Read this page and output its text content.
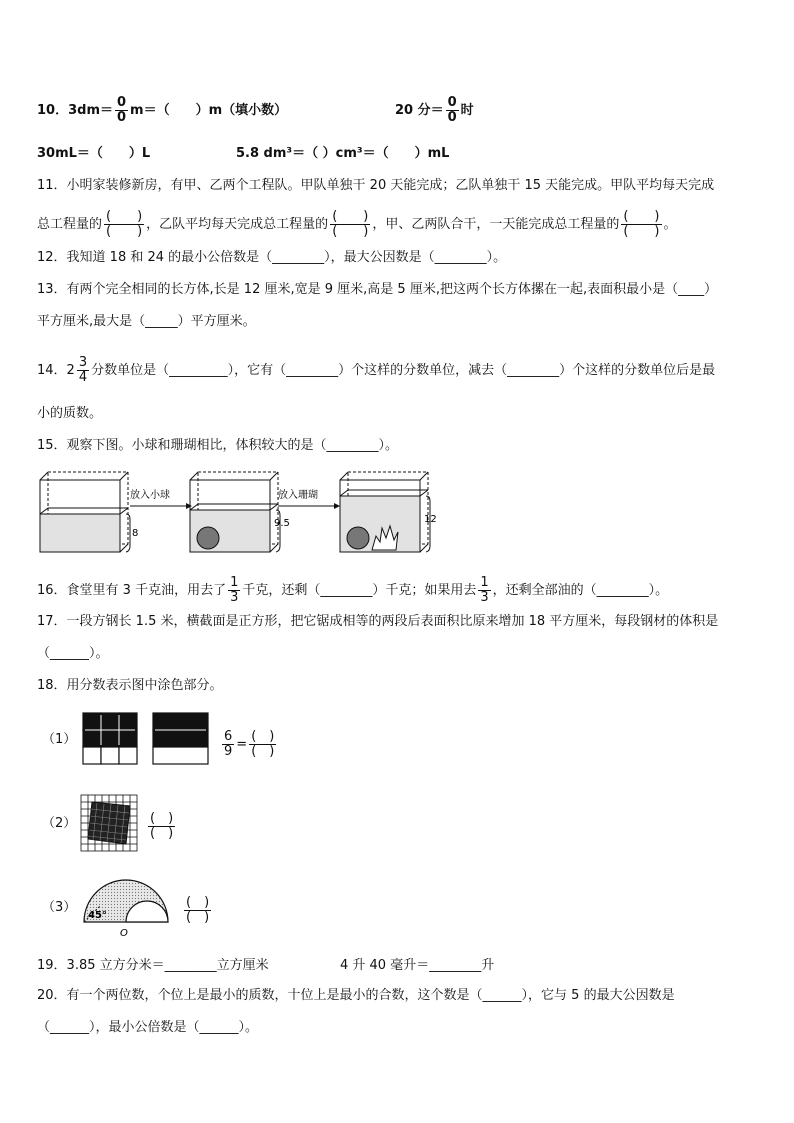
10．$3dm= \frac{0}{0} m=$（　　）m（填小数）	20 分＝ $\frac{0}{0}$ 时
30mL＝（　　）L	5.8 dm³＝（ ）cm³＝（　　）mL
11．小明家装修新房，有甲、乙两个工程队。甲队单独干 20 天能完成；乙队单独干 15 天能完成。甲队平均每天完成
总工程量的 $\frac{( )}{( )}$ ，乙队平均每天完成总工程量的 $\frac{( )}{( )}$ ，甲、乙两队合干，一天能完成总工程量的 $\frac{( )}{( )}$ 。
12．我知道 18 和 24 的最小公倍数是（________），最大公因数是（________）。
13．有两个完全相同的长方体,长是 12 厘米,宽是 9 厘米,高是 5 厘米,把这两个长方体摞在一起,表面积最小是（____）
平方厘米,最大是（_____）平方厘米。
14．$2 \frac{3}{4}$ 分数单位是（_________），它有（________）个这样的分数单位，减去（________）个这样的分数单位后是最
小的质数。
15．观察下图。小球和珊瑚相比，体积较大的是（________）。
8
放入小球
9.5
放入珊瑚
12
16．食堂里有 3 千克油，用去了 $\frac{1}{3}$ 千克，还剩（________）千克；如果用去 $\frac{1}{3}$ ，还剩全部油的（________）。
17．一段方钢长 1.5 米，横截面是正方形，把它锯成相等的两段后表面积比原来增加 18 平方厘米，每段钢材的体积是
（______）。
18．用分数表示图中涂色部分。
（1）	$\frac{6}{9} = \frac{( )}{( )}$
（2）	$\frac{( )}{( )}$
（3）
45°
O
$\frac{( )}{( )}$
19．3.85 立方分米＝________立方厘米	4 升 40 毫升＝________升
20．有一个两位数，个位上是最小的质数，十位上是最小的合数，这个数是（______），它与 5 的最大公因数是
（______），最小公倍数是（______）。
